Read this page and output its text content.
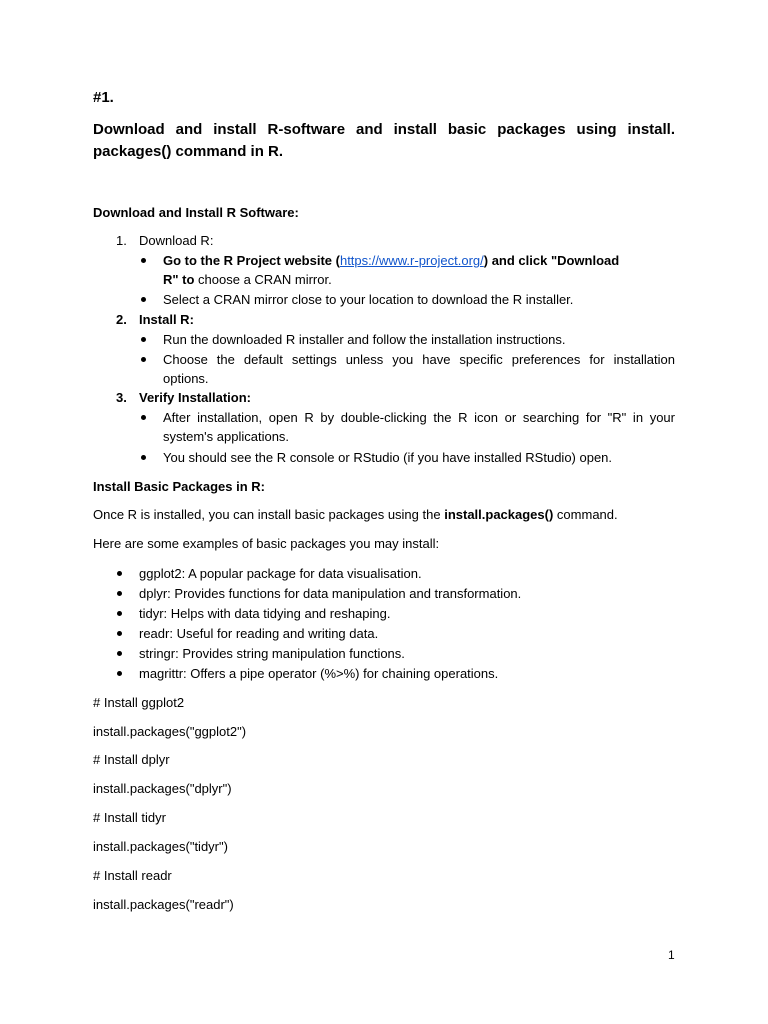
#1.
Download and install R-software and install basic packages using install.
packages() command in R.
Download and Install R Software:
1. Download R:
Go to the R Project website (https://www.r-project.org/) and click "Download
R" to choose a CRAN mirror.
Select a CRAN mirror close to your location to download the R installer.
2. Install R:
Run the downloaded R installer and follow the installation instructions.
Choose the default settings unless you have specific preferences for installation
options.
3. Verify Installation:
After installation, open R by double-clicking the R icon or searching for "R" in your
system's applications.
You should see the R console or RStudio (if you have installed RStudio) open.
Install Basic Packages in R:
Once R is installed, you can install basic packages using the install.packages() command.
Here are some examples of basic packages you may install:
ggplot2: A popular package for data visualisation.
dplyr: Provides functions for data manipulation and transformation.
tidyr: Helps with data tidying and reshaping.
readr: Useful for reading and writing data.
stringr: Provides string manipulation functions.
magrittr: Offers a pipe operator (%>%) for chaining operations.
# Install ggplot2
install.packages("ggplot2")
# Install dplyr
install.packages("dplyr")
# Install tidyr
install.packages("tidyr")
# Install readr
install.packages("readr")
1
